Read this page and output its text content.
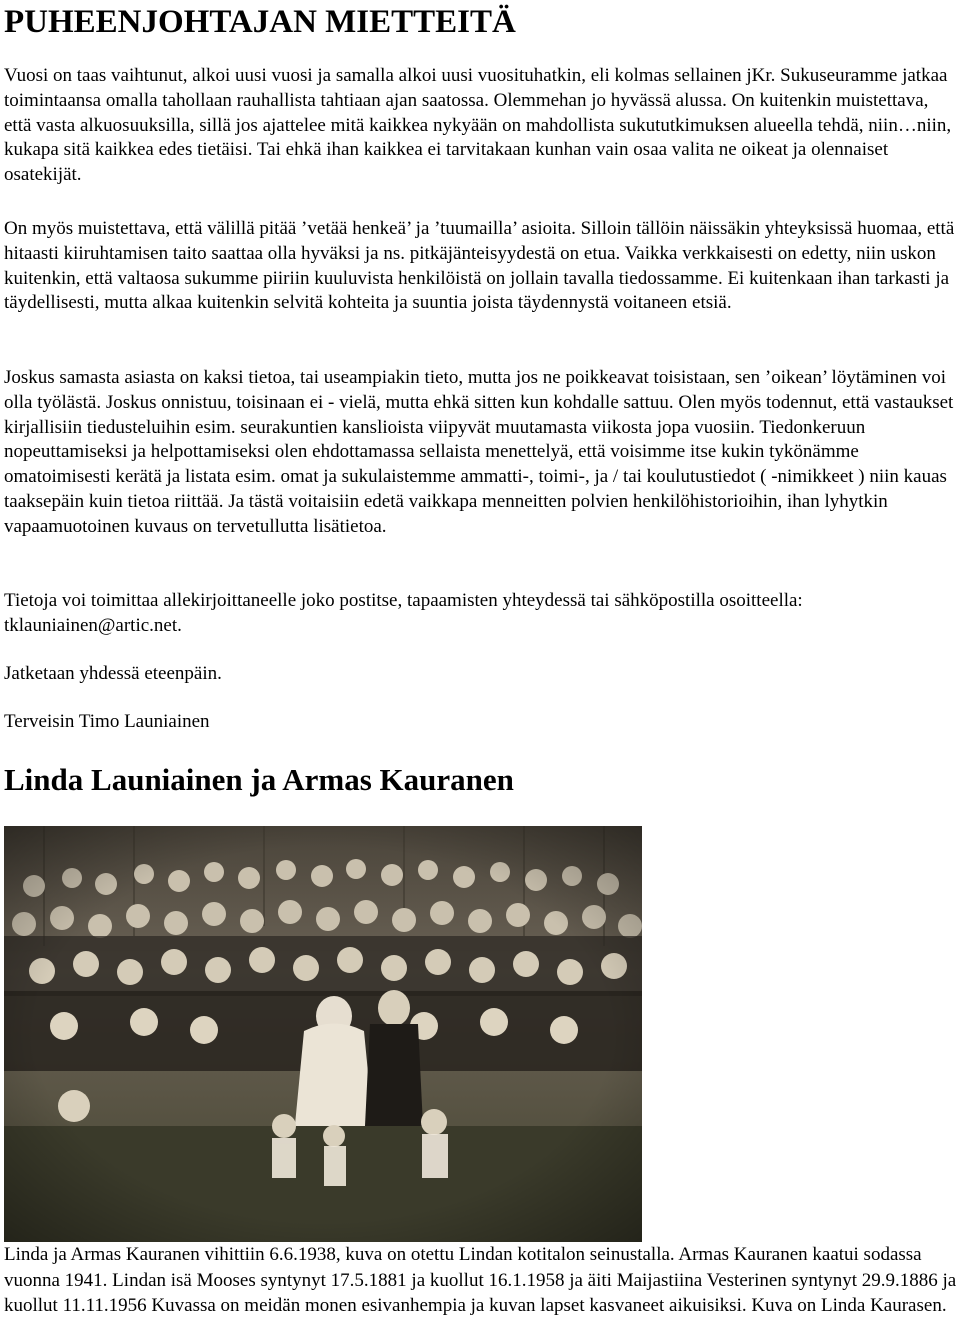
PUHEENJOHTAJAN MIETTEITÄ

Vuosi on taas vaihtunut, alkoi uusi vuosi ja samalla alkoi uusi vuosituhatkin, eli kolmas sellainen jKr. Sukuseuramme jatkaa toimintaansa omalla tahollaan rauhallista tahtiaan ajan saatossa. Olemmehan jo hyvässä alussa. On kuitenkin muistettava, että vasta alkuosuuksilla, sillä jos ajattelee mitä kaikkea nykyään on mahdollista sukututkimuksen alueella tehdä, niin…niin, kukapa sitä kaikkea edes tietäisi. Tai ehkä ihan kaikkea ei tarvitakaan kunhan vain osaa valita ne oikeat ja olennaiset osatekijät.

On myös muistettava, että välillä pitää ’vetää henkeä’ ja ’tuumailla’ asioita. Silloin tällöin näissäkin yhteyksissä huomaa, että hitaasti kiiruhtamisen taito saattaa olla hyväksi ja ns. pitkäjänteisyydestä on etua. Vaikka verkkaisesti on edetty, niin uskon kuitenkin, että valtaosa sukumme piiriin kuuluvista henkilöistä on jollain tavalla tiedossamme. Ei kuitenkaan ihan tarkasti ja täydellisesti, mutta alkaa kuitenkin selvitä kohteita ja suuntia joista täydennystä voitaneen etsiä.

Joskus samasta asiasta on kaksi tietoa, tai useampiakin tieto, mutta jos ne poikkeavat toisistaan, sen ’oikean’ löytäminen voi olla työlästä. Joskus onnistuu, toisinaan ei - vielä, mutta ehkä sitten kun kohdalle sattuu. Olen myös todennut, että vastaukset kirjallisiin tiedusteluihin esim. seurakuntien kanslioista viipyvät muutamasta viikosta jopa vuosiin. Tiedonkeruun nopeuttamiseksi ja helpottamiseksi olen ehdottamassa sellaista menettelyä, että voisimme itse kukin tykönämme omatoimisesti kerätä ja listata esim. omat ja sukulaistemme ammatti-, toimi-, ja / tai koulutustiedot ( -nimikkeet ) niin kauas taaksepäin kuin tietoa riittää. Ja tästä voitaisiin edetä vaikkapa menneitten polvien henkilöhistorioihin, ihan lyhytkin vapaamuotoinen kuvaus on tervetullutta lisätietoa.

Tietoja voi toimittaa allekirjoittaneelle joko postitse, tapaamisten yhteydessä tai sähköpostilla osoitteella: tklauniainen@artic.net.

Jatketaan yhdessä eteenpäin.

Terveisin Timo Launiainen

Linda Launiainen ja Armas Kauranen

Linda ja Armas Kauranen vihittiin 6.6.1938, kuva on otettu Lindan kotitalon seinustalla. Armas Kauranen kaatui sodassa vuonna 1941. Lindan isä Mooses syntynyt 17.5.1881 ja kuollut 16.1.1958 ja äiti Maijastiina Vesterinen syntynyt 29.9.1886 ja kuollut 11.11.1956 Kuvassa on meidän monen esivanhempia ja kuvan lapset kasvaneet aikuisiksi. Kuva on Linda Kaurasen.
